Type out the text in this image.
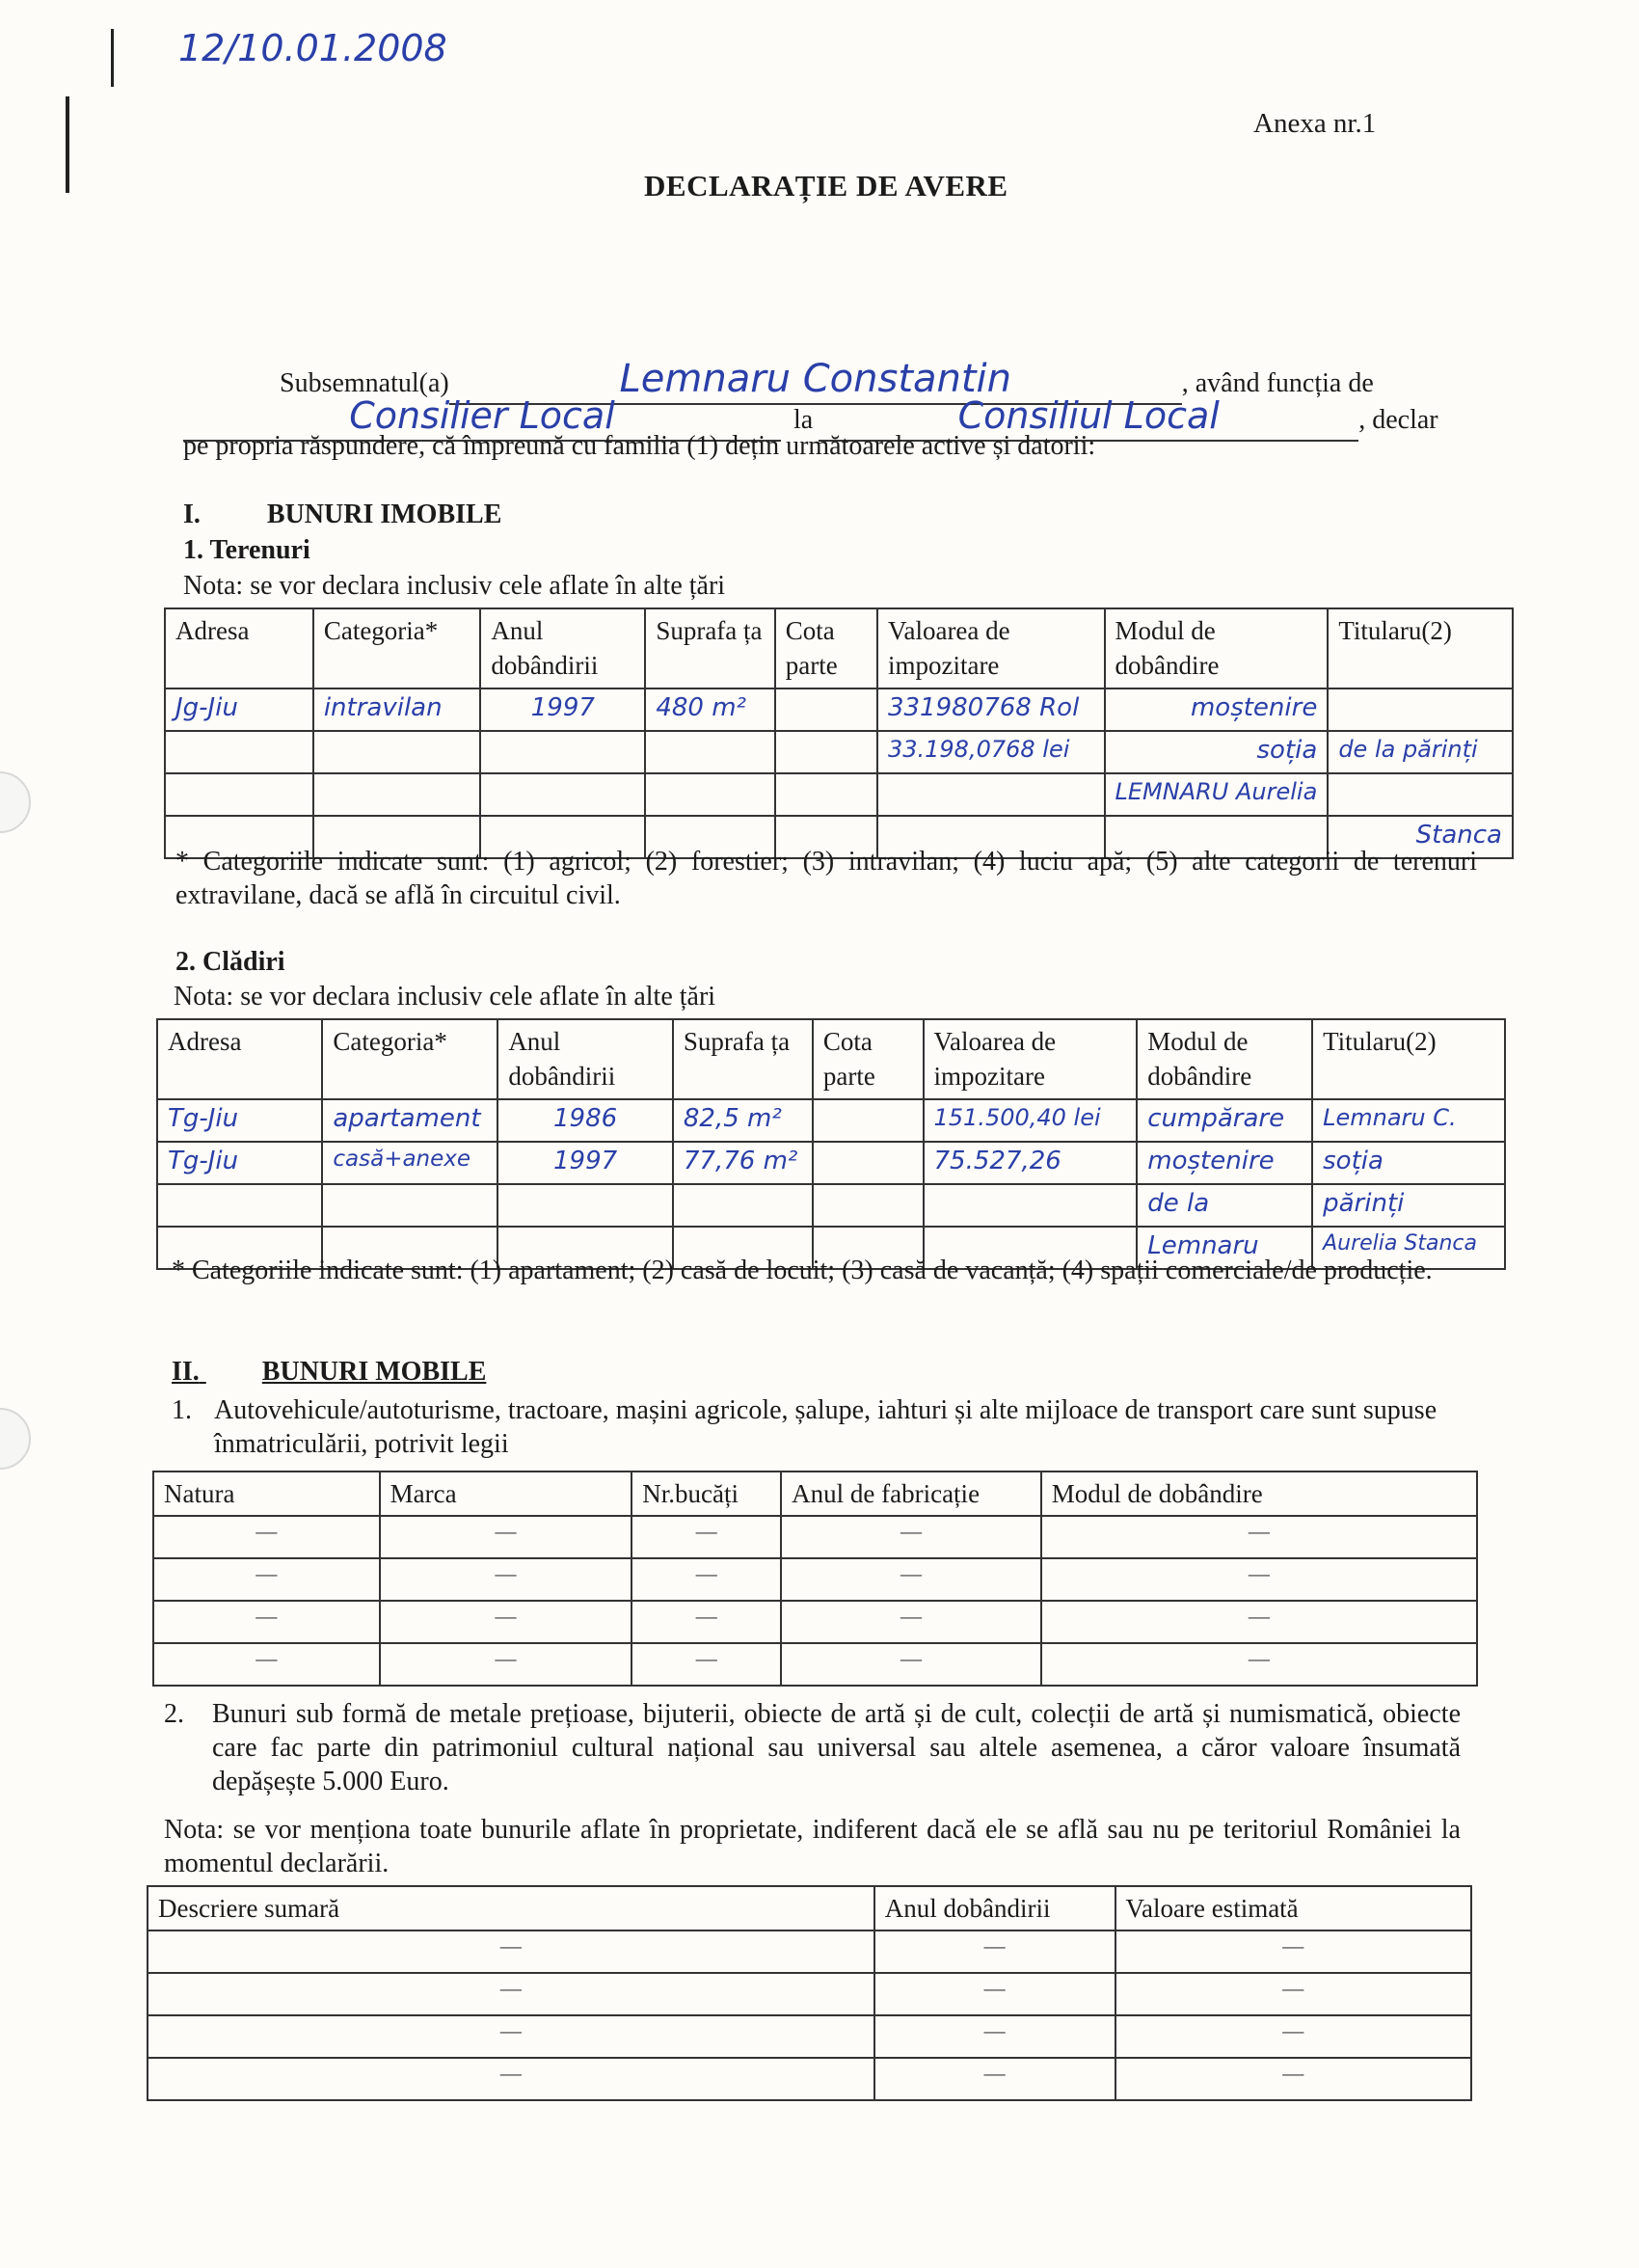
12/10.01.2008
Anexa nr.1
DECLARAȚIE DE AVERE
Subsemnatul(a)	Lemnaru Constantin	, având funcția de
Consilier Local	la	Consiliul Local	, declar
pe propria răspundere, că împreună cu familia (1) dețin următoarele active și datorii:
I. BUNURI IMOBILE
1. Terenuri
Nota: se vor declara inclusiv cele aflate în alte țări
Adresa	Categoria*	Anul dobândirii	Suprafa ța	Cota parte	Valoarea de impozitare	Modul de dobândire	Titularu(2)
Jg-Jiu	intravilan	1997	480 m²		331980768 Rol	moștenire	
					33.198,0768 lei	soția	de la părinți
						LEMNARU Aurelia	
							Stanca
* Categoriile indicate sunt: (1) agricol; (2) forestier; (3) intravilan; (4) luciu apă; (5) alte categorii de terenuri extravilane, dacă se află în circuitul civil.
2. Clădiri
Nota: se vor declara inclusiv cele aflate în alte țări
Adresa	Categoria*	Anul dobândirii	Suprafa ța	Cota parte	Valoarea de impozitare	Modul de dobândire	Titularu(2)
Tg-Jiu	apartament	1986	82,5 m²		151.500,40 lei	cumpărare	Lemnaru C.
Tg-Jiu	casă+anexe	1997	77,76 m²		75.527,26	moștenire	soția
						de la	părinți
						Lemnaru	Aurelia Stanca
* Categoriile indicate sunt: (1) apartament; (2) casă de locuit; (3) casă de vacanță; (4) spații comerciale/de producție.
II. BUNURI MOBILE
1. Autovehicule/autoturisme, tractoare, mașini agricole, șalupe, iahturi și alte mijloace de transport care sunt supuse înmatriculării, potrivit legii
Natura	Marca	Nr.bucăți	Anul de fabricație	Modul de dobândire

—	—	—	—	—

—	—	—	—	—

—	—	—	—	—

—	—	—	—	—
2. Bunuri sub formă de metale prețioase, bijuterii, obiecte de artă și de cult, colecții de artă și numismatică, obiecte care fac parte din patrimoniul cultural național sau universal sau altele asemenea, a căror valoare însumată depășește 5.000 Euro.
Nota: se vor menționa toate bunurile aflate în proprietate, indiferent dacă ele se află sau nu pe teritoriul României la momentul declarării.
Descriere sumară	Anul dobândirii	Valoare estimată

—	—	—

—	—	—

—	—	—

—	—	—
